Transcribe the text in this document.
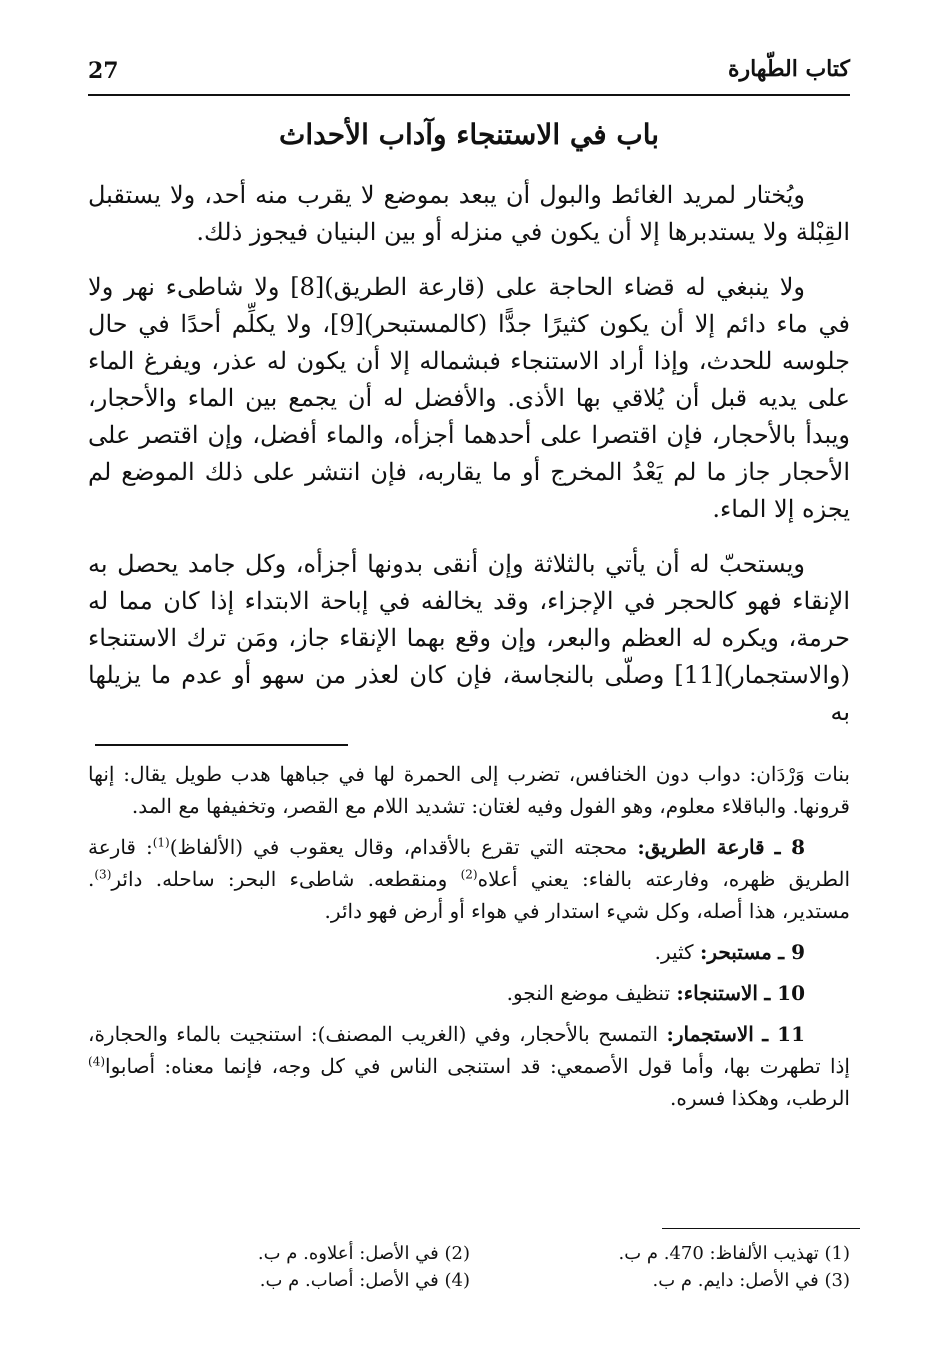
27	كتاب الطّهارة
باب في الاستنجاء وآداب الأحداث

ويُختار لمريد الغائط والبول أن يبعد بموضع لا يقرب منه أحد، ولا يستقبل القِبْلة ولا يستدبرها إلا أن يكون في منزله أو بين البنيان فيجوز ذلك.

ولا ينبغي له قضاء الحاجة على (قارعة الطريق)[8] ولا شاطىء نهر ولا في ماء دائم إلا أن يكون كثيرًا جدًّا (كالمستبحر)[9]، ولا يكلِّم أحدًا في حال جلوسه للحدث، وإذا أراد الاستنجاء فبشماله إلا أن يكون له عذر، ويفرغ الماء على يديه قبل أن يُلاقي بها الأذى. والأفضل له أن يجمع بين الماء والأحجار، ويبدأ بالأحجار، فإن اقتصرا على أحدهما أجزأه، والماء أفضل، وإن اقتصر على الأحجار جاز ما لم يَعْدُ المخرج أو ما يقاربه، فإن انتشر على ذلك الموضع لم يجزه إلا الماء.

ويستحبّ له أن يأتي بالثلاثة وإن أنقى بدونها أجزأه، وكل جامد يحصل به الإنقاء فهو كالحجر في الإجزاء، وقد يخالفه في إباحة الابتداء إذا كان مما له حرمة، ويكره له العظم والبعر، وإن وقع بهما الإنقاء جاز، ومَن ترك الاستنجاء (والاستجمار)[11] وصلّى بالنجاسة، فإن كان لعذر من سهو أو عدم ما يزيلها به

بنات وَرْدَان: دواب دون الخنافس، تضرب إلى الحمرة لها في جباهها هدب طويل يقال: إنها قرونها. والباقلاء معلوم، وهو الفول وفيه لغتان: تشديد اللام مع القصر، وتخفيفها مع المد.

8 ـ قارعة الطريق: محجته التي تقرع بالأقدام، وقال يعقوب في (الألفاظ)$^{(1)}$: قارعة الطريق ظهره، وفارعته بالفاء: يعني أعلاه$^{(2)}$ ومنقطعه. شاطىء البحر: ساحله. دائر$^{(3)}$. مستدير، هذا أصله، وكل شيء استدار في هواء أو أرض فهو دائر.

9 ـ مستبحر: كثير.

10 ـ الاستنجاء: تنظيف موضع النجو.

11 ـ الاستجمار: التمسح بالأحجار، وفي (الغريب المصنف): استنجيت بالماء والحجارة، إذا تطهرت بها، وأما قول الأصمعي: قد استنجى الناس في كل وجه، فإنما معناه: أصابوا$^{(4)}$ الرطب، وهكذا فسره.

(1) تهذيب الألفاظ: 470. م ب.
(2) في الأصل: أعلاوه. م ب.
(3) في الأصل: دايم. م ب.
(4) في الأصل: أصاب. م ب.
